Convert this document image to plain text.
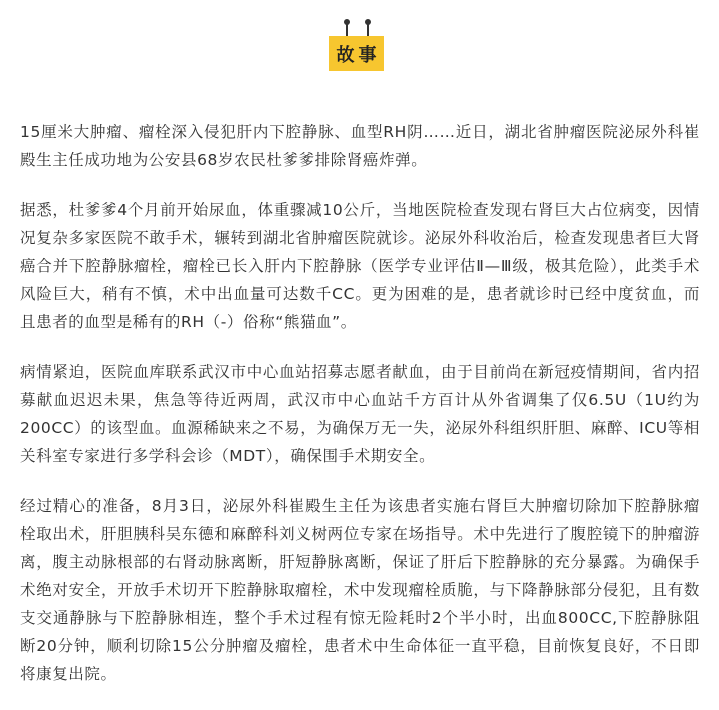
故事

15厘米大肿瘤、瘤栓深入侵犯肝内下腔静脉、血型RH阴……近日，湖北省肿瘤医院泌尿外科崔殿生主任成功地为公安县68岁农民杜爹爹排除肾癌炸弹。

据悉，杜爹爹4个月前开始尿血，体重骤减10公斤，当地医院检查发现右肾巨大占位病变，因情况复杂多家医院不敢手术，辗转到湖北省肿瘤医院就诊。泌尿外科收治后，检查发现患者巨大肾癌合并下腔静脉瘤栓，瘤栓已长入肝内下腔静脉（医学专业评估Ⅱ—Ⅲ级，极其危险），此类手术风险巨大，稍有不慎，术中出血量可达数千CC。更为困难的是，患者就诊时已经中度贫血，而且患者的血型是稀有的RH（-）俗称“熊猫血”。

病情紧迫，医院血库联系武汉市中心血站招募志愿者献血，由于目前尚在新冠疫情期间，省内招募献血迟迟未果，焦急等待近两周，武汉市中心血站千方百计从外省调集了仅6.5U（1U约为200CC）的该型血。血源稀缺来之不易，为确保万无一失，泌尿外科组织肝胆、麻醉、ICU等相关科室专家进行多学科会诊（MDT），确保围手术期安全。

经过精心的准备，8月3日，泌尿外科崔殿生主任为该患者实施右肾巨大肿瘤切除加下腔静脉瘤栓取出术，肝胆胰科吴东德和麻醉科刘义树两位专家在场指导。术中先进行了腹腔镜下的肿瘤游离，腹主动脉根部的右肾动脉离断，肝短静脉离断，保证了肝后下腔静脉的充分暴露。为确保手术绝对安全，开放手术切开下腔静脉取瘤栓，术中发现瘤栓质脆，与下降静脉部分侵犯，且有数支交通静脉与下腔静脉相连，整个手术过程有惊无险耗时2个半小时，出血800CC,下腔静脉阻断20分钟，顺利切除15公分肿瘤及瘤栓，患者术中生命体征一直平稳，目前恢复良好，不日即将康复出院。
